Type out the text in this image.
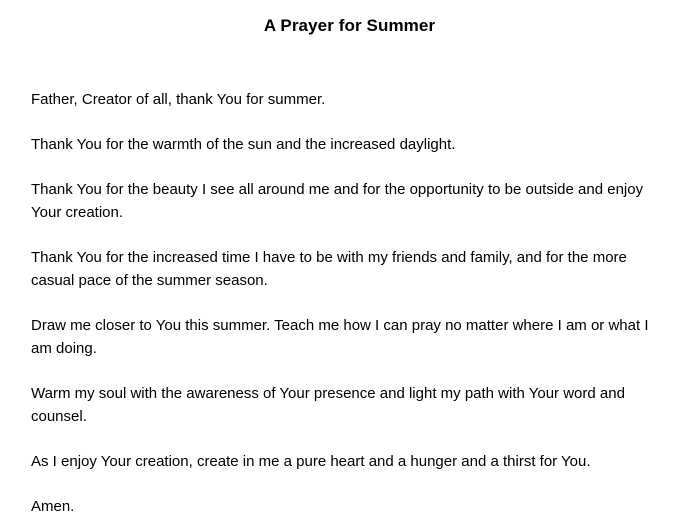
A Prayer for Summer

Father, Creator of all, thank You for summer.

Thank You for the warmth of the sun and the increased daylight.

Thank You for the beauty I see all around me and for the opportunity to be outside and enjoy Your creation.

Thank You for the increased time I have to be with my friends and family, and for the more casual pace of the summer season.

Draw me closer to You this summer. Teach me how I can pray no matter where I am or what I am doing.

Warm my soul with the awareness of Your presence and light my path with Your word and counsel.

As I enjoy Your creation, create in me a pure heart and a hunger and a thirst for You.

Amen.
